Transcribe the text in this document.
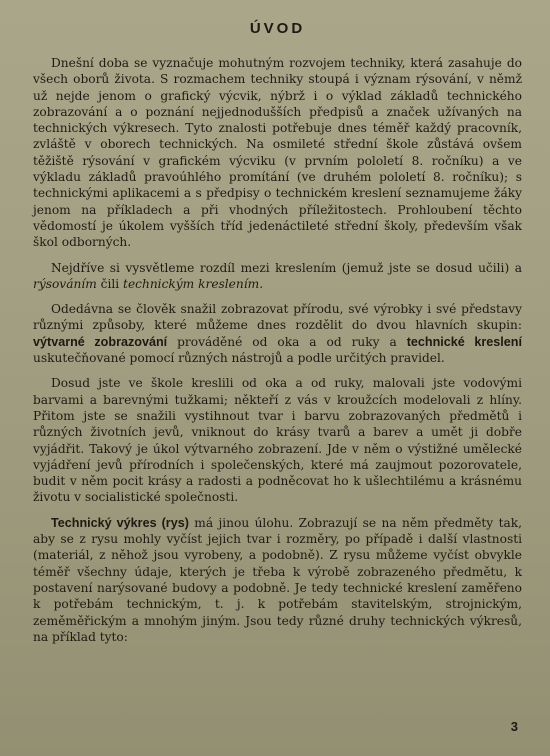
ÚVOD

Dnešní doba se vyznačuje mohutným rozvojem techniky, která zasahuje do všech oborů života. S rozmachem techniky stoupá i význam rýsování, v němž už nejde jenom o grafický výcvik, nýbrž i o výklad základů technického zobrazování a o poznání nejjednodušších předpisů a značek užívaných na technických výkresech. Tyto znalosti potřebuje dnes téměř každý pracovník, zvláště v oborech technických. Na osmileté střední škole zůstává ovšem těžiště rýsování v grafickém výcviku (v prvním pololetí 8. ročníku) a ve výkladu základů pravoúhlého promítání (ve druhém pololetí 8. ročníku); s technickými aplikacemi a s předpisy o technickém kreslení seznamujeme žáky jenom na příkladech a při vhodných příležitostech. Prohloubení těchto vědomostí je úkolem vyšších tříd jedenáctileté střední školy, především však škol odborných.

Nejdříve si vysvětleme rozdíl mezi kreslením (jemuž jste se dosud učili) a rýsováním čili technickým kreslením.

Odedávna se člověk snažil zobrazovat přírodu, své výrobky i své představy různými způsoby, které můžeme dnes rozdělit do dvou hlavních skupin: výtvarné zobrazování prováděné od oka a od ruky a technické kreslení uskutečňované pomocí různých nástrojů a podle určitých pravidel.

Dosud jste ve škole kreslili od oka a od ruky, malovali jste vodovými barvami a barevnými tužkami; někteří z vás v kroužcích modelovali z hlíny. Přitom jste se snažili vystihnout tvar i barvu zobrazovaných předmětů i různých životních jevů, vniknout do krásy tvarů a barev a umět ji dobře vyjádřit. Takový je úkol výtvarného zobrazení. Jde v něm o výstižné umělecké vyjádření jevů přírodních i společenských, které má zaujmout pozorovatele, budit v něm pocit krásy a radosti a podněcovat ho k ušlechtilému a krásnému životu v socialistické společnosti.

Technický výkres (rys) má jinou úlohu. Zobrazují se na něm předměty tak, aby se z rysu mohly vyčíst jejich tvar i rozměry, po případě i další vlastnosti (materiál, z něhož jsou vyrobeny, a podobně). Z rysu můžeme vyčíst obvykle téměř všechny údaje, kterých je třeba k výrobě zobrazeného předmětu, k postavení narýsované budovy a podobně. Je tedy technické kreslení zaměřeno k potřebám technickým, t. j. k potřebám stavitelským, strojnickým, zeměměřickým a mnohým jiným. Jsou tedy různé druhy technických výkresů, na příklad tyto:

3
